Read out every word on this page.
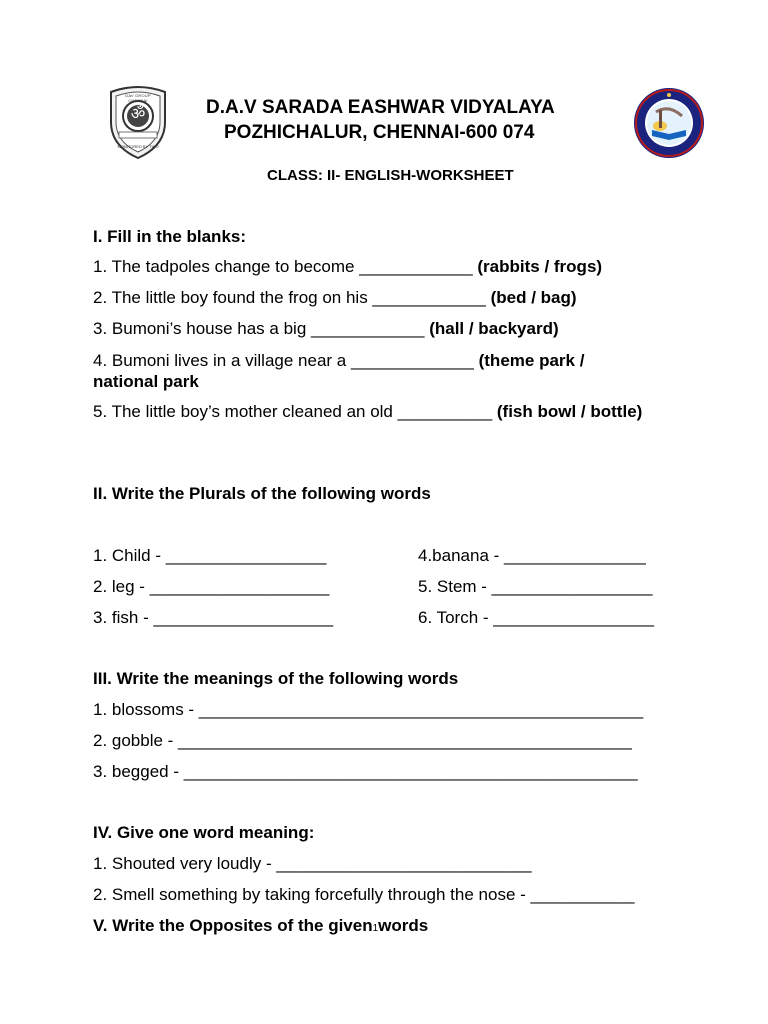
ॐ
DAV GROUP CHENNAI
MONITORED BY TWO
D.A.V SARADA EASHWAR VIDYALAYA
POZHICHALUR, CHENNAI-600 074
CLASS: II- ENGLISH-WORKSHEET
I. Fill in the blanks:
1. The tadpoles change to become ____________ (rabbits / frogs)
2. The little boy found the frog on his ____________ (bed / bag)
3. Bumoni’s house has a big ____________ (hall / backyard)
4. Bumoni lives in a village near a _____________ (theme park / national park
5. The little boy’s mother cleaned an old __________ (fish bowl / bottle)
II. Write the Plurals of the following words
1. Child - _________________
2. leg - ___________________
3. fish - ___________________
4.banana - _______________
5. Stem - _________________
6. Torch - _________________
III. Write the meanings of the following words
1. blossoms - _______________________________________________
2. gobble - ________________________________________________
3. begged - ________________________________________________
IV. Give one word meaning:
1. Shouted very loudly - ___________________________
2. Smell something by taking forcefully through the nose - ___________
V. Write the Opposites of the given1words
